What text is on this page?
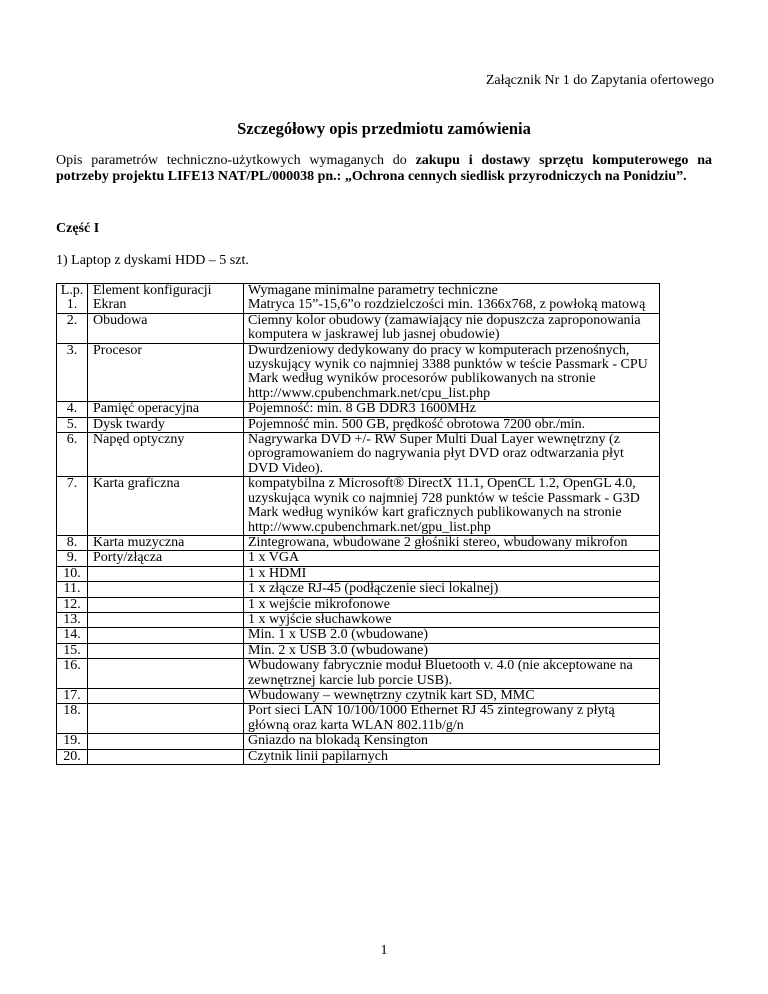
Załącznik Nr 1 do Zapytania ofertowego
Szczegółowy opis przedmiotu zamówienia
Opis parametrów techniczno-użytkowych wymaganych do zakupu i dostawy sprzętu komputerowego na potrzeby projektu LIFE13 NAT/PL/000038 pn.: „Ochrona cennych siedlisk przyrodniczych na Ponidziu”.
Część I
1) Laptop z dyskami HDD – 5 szt.
L.p.	Element konfiguracji	Wymagane minimalne parametry techniczne
1.	Ekran	Matryca 15”-15,6”o rozdzielczości min. 1366x768, z powłoką matową
2.	Obudowa	Ciemny kolor obudowy (zamawiający nie dopuszcza zaproponowania komputera w jaskrawej lub jasnej obudowie)
3.	Procesor	Dwurdzeniowy dedykowany do pracy w komputerach przenośnych, uzyskujący wynik co najmniej 3388 punktów w teście Passmark - CPU Mark według wyników procesorów publikowanych na stronie http://www.cpubenchmark.net/cpu_list.php
4.	Pamięć operacyjna	Pojemność: min. 8 GB DDR3 1600MHz
5.	Dysk twardy	Pojemność min. 500 GB, prędkość obrotowa 7200 obr./min.
6.	Napęd optyczny	Nagrywarka DVD +/- RW Super Multi Dual Layer wewnętrzny (z oprogramowaniem do nagrywania płyt DVD oraz odtwarzania płyt DVD Video).
7.	Karta graficzna	kompatybilna z Microsoft® DirectX 11.1, OpenCL 1.2, OpenGL 4.0, uzyskująca wynik co najmniej 728 punktów w teście Passmark - G3D Mark według wyników kart graficznych publikowanych na stronie http://www.cpubenchmark.net/gpu_list.php
8.	Karta muzyczna	Zintegrowana, wbudowane 2 głośniki stereo, wbudowany mikrofon
9.	Porty/złącza	1 x VGA
10.		1 x HDMI
11.		1 x złącze RJ-45 (podłączenie sieci lokalnej)
12.		1 x wejście mikrofonowe
13.		1 x wyjście słuchawkowe
14.		Min. 1 x USB 2.0 (wbudowane)
15.		Min. 2 x USB 3.0 (wbudowane)
16.		Wbudowany fabrycznie moduł Bluetooth v. 4.0 (nie akceptowane na zewnętrznej karcie lub porcie USB).
17.		Wbudowany – wewnętrzny czytnik kart SD, MMC
18.		Port sieci LAN 10/100/1000 Ethernet RJ 45 zintegrowany z płytą główną oraz karta WLAN 802.11b/g/n
19.		Gniazdo na blokadą Kensington
20.		Czytnik linii papilarnych
1
